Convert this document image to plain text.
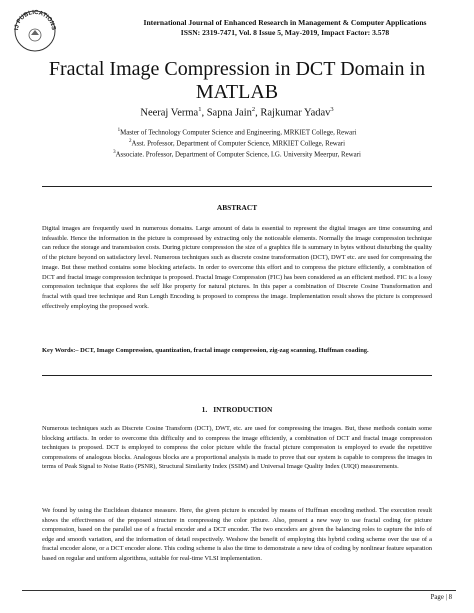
IJ PUBLICATIONS
International Journal of Enhanced Research in Management & Computer Applications
ISSN: 2319-7471, Vol. 8 Issue 5, May-2019, Impact Factor: 3.578
Fractal Image Compression in DCT Domain in MATLAB
Neeraj Verma$^1$, Sapna Jain$^2$, Rajkumar Yadav$^3$
$^1$Master of Technology Computer Science and Engineering, MRKIET College, Rewari
$^2$Asst. Professor, Department of Computer Science, MRKIET College, Rewari
$^3$Associate. Professor, Department of Computer Science, I.G. University Meerpur, Rewari
ABSTRACT

Digital images are frequently used in numerous domains. Large amount of data is essential to represent the digital images are time consuming and infeasible. Hence the information in the picture is compressed by extracting only the noticeable elements. Normally the image compression technique can reduce the storage and transmission costs. During picture compression the size of a graphics file is summary in bytes without disturbing the quality of the picture beyond on satisfactory level. Numerous techniques such as discrete cosine transformation (DCT), DWT etc. are used for compressing the image. But these method contains some blocking artefacts. In order to overcome this effort and to compress the picture efficiently, a combination of DCT and fractal image compression technique is proposed. Fractal Image Compression (FIC) has been considered as an efficient method. FIC is a lossy compression technique that explores the self like property for natural pictures. In this paper a combination of Discrete Cosine Transformation and fractal with quad tree technique and Run Length Encoding is proposed to compress the image. Implementation result shows the picture is compressed effectively employing the proposed work.

Key Words:– DCT, Image Compression, quantization, fractal image compression, zig-zag scanning, Huffman coading.

1. INTRODUCTION

Numerous techniques such as Discrete Cosine Transform (DCT), DWT, etc. are used for compressing the images. But, these methods contain some blocking artifacts. In order to overcome this difficulty and to compress the image efficiently, a combination of DCT and fractal image compression techniques is proposed. DCT is employed to compress the color picture while the fractal picture compression is employed to evade the repetitive compressions of analogous blocks. Analogous blocks are a proportional analysis is made to prove that our system is capable to compress the images in terms of Peak Signal to Noise Ratio (PSNR), Structural Similarity Index (SSIM) and Universal Image Quality Index (UIQI) measurements.

We found by using the Euclidean distance measure. Here, the given picture is encoded by means of Huffman encoding method. The execution result shows the effectiveness of the proposed structure in compressing the color picture. Also, present a new way to use fractal coding for picture compression, based on the parallel use of a fractal encoder and a DCT encoder. The two encoders are given the balancing roles to capture the info of edge and smooth variation, and the information of detail respectively. Weshow the benefit of employing this hybrid coding scheme over the use of a fractal encoder alone, or a DCT encoder alone. This coding scheme is also the time to demonstrate a new idea of coding by nonlinear feature separation based on regular and uniform algorithms, suitable for real-time VLSI implementation.

Page | 8
